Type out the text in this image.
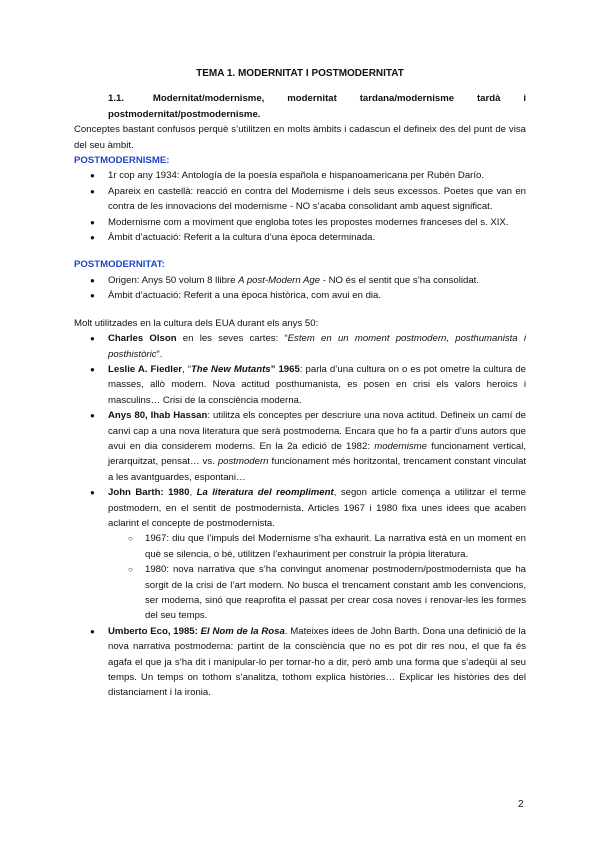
TEMA 1. MODERNITAT I POSTMODERNITAT
1.1.	Modernitat/modernisme, modernitat tardana/modernisme tardà i postmodernitat/postmodernisme.

Conceptes bastant confusos perquè s’utilitzen en molts àmbits i cadascun el defineix des del punt de visa del seu àmbit.

POSTMODERNISME:
● 1r cop any 1934: Antología de la poesía española e hispanoamericana per Rubén Darío.
● Apareix en castellà: reacció en contra del Modernisme i dels seus excessos. Poetes que van en contra de les innovacions del modernisme - NO s’acaba consolidant amb aquest significat.
● Modernisme com a moviment que engloba totes les propostes modernes franceses del s. XIX.
● Àmbit d’actuació: Referit a la cultura d’una època determinada.
POSTMODERNITAT:
● Origen: Anys 50 volum 8 llibre A post-Modern Age - NO és el sentit que s’ha consolidat.
● Àmbit d’actuació: Referit a una època històrica, com avui en dia.

Molt utilitzades en la cultura dels EUA durant els anys 50:

● Charles Olson en les seves cartes: “Estem en un moment postmodern, posthumanista i posthistòric”.
● Leslie A. Fiedler, “The New Mutants” 1965: parla d’una cultura on o es pot ometre la cultura de masses, allò modern. Nova actitud posthumanista, es posen en crisi els valors heroics i masculins… Crisi de la consciència moderna.
● Anys 80, Ihab Hassan: utilitza els conceptes per descriure una nova actitud. Defineix un camí de canvi cap a una nova literatura que serà postmoderna. Encara que ho fa a partir d’uns autors que avui en dia considerem moderns. En la 2a edició de 1982: modernisme funcionament vertical, jerarquitzat, pensat… vs. postmodern funcionament més horitzontal, trencament constant vinculat a les avantguardes, espontani…
● John Barth: 1980, La literatura del reompliment, segon article comença a utilitzar el terme postmodern, en el sentit de postmodernista. Articles 1967 i 1980 fixa unes idees que acaben aclarint el concepte de postmodernista.
○ 1967: diu que l’impuls del Modernisme s’ha exhaurit. La narrativa està en un moment en què se silencia, o bé, utilitzen l’exhauriment per construir la pròpia literatura.
○ 1980: nova narrativa que s’ha convingut anomenar postmodern/postmodernista que ha sorgit de la crisi de l’art modern. No busca el trencament constant amb les convencions, ser moderna, sinó que reaprofita el passat per crear cosa noves i renovar-les les formes del seu temps.
● Umberto Eco, 1985: El Nom de la Rosa. Mateixes idees de John Barth. Dona una definició de la nova narrativa postmoderna: partint de la consciència que no es pot dir res nou, el que fa és agafa el que ja s’ha dit i manipular-lo per tornar-ho a dir, però amb una forma que s’adeqüi al seu temps. Un temps on tothom s’analitza, tothom explica històries… Explicar les històries des del distanciament i la ironia.
2
